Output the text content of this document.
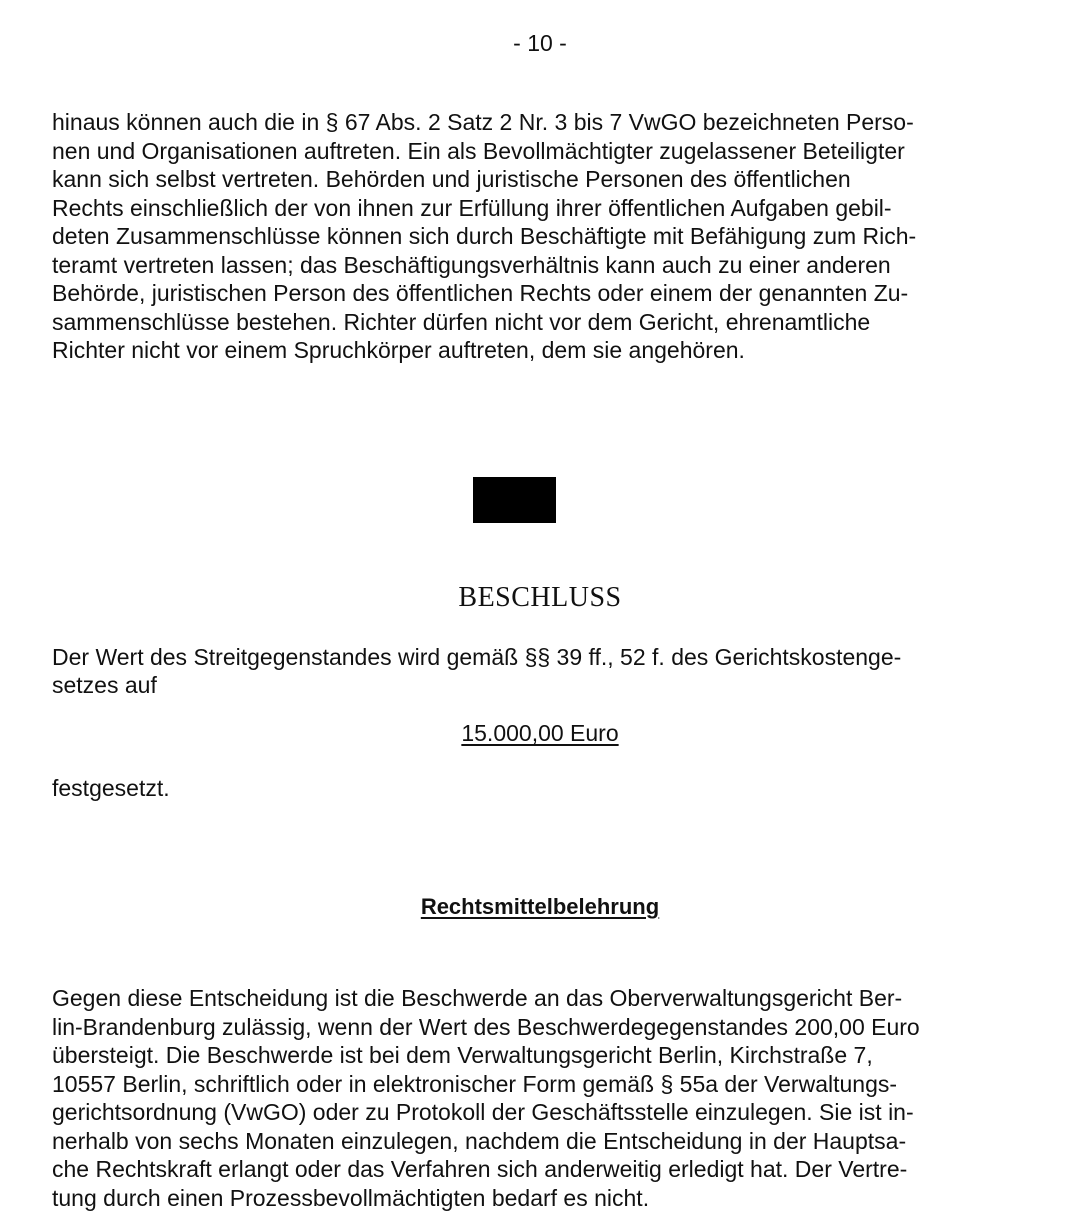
- 10 -
hinaus können auch die in § 67 Abs. 2 Satz 2 Nr. 3 bis 7 VwGO bezeichneten Perso-
nen und Organisationen auftreten. Ein als Bevollmächtigter zugelassener Beteiligter
kann sich selbst vertreten. Behörden und juristische Personen des öffentlichen
Rechts einschließlich der von ihnen zur Erfüllung ihrer öffentlichen Aufgaben gebil-
deten Zusammenschlüsse können sich durch Beschäftigte mit Befähigung zum Rich-
teramt vertreten lassen; das Beschäftigungsverhältnis kann auch zu einer anderen
Behörde, juristischen Person des öffentlichen Rechts oder einem der genannten Zu-
sammenschlüsse bestehen. Richter dürfen nicht vor dem Gericht, ehrenamtliche
Richter nicht vor einem Spruchkörper auftreten, dem sie angehören.
BESCHLUSS
Der Wert des Streitgegenstandes wird gemäß §§ 39 ff., 52 f. des Gerichtskostenge-
setzes auf
15.000,00 Euro
festgesetzt.
Rechtsmittelbelehrung
Gegen diese Entscheidung ist die Beschwerde an das Oberverwaltungsgericht Ber-
lin-Brandenburg zulässig, wenn der Wert des Beschwerdegegenstandes 200,00 Euro
übersteigt. Die Beschwerde ist bei dem Verwaltungsgericht Berlin, Kirchstraße 7,
10557 Berlin, schriftlich oder in elektronischer Form gemäß § 55a der Verwaltungs-
gerichtsordnung (VwGO) oder zu Protokoll der Geschäftsstelle einzulegen. Sie ist in-
nerhalb von sechs Monaten einzulegen, nachdem die Entscheidung in der Hauptsa-
che Rechtskraft erlangt oder das Verfahren sich anderweitig erledigt hat. Der Vertre-
tung durch einen Prozessbevollmächtigten bedarf es nicht.
